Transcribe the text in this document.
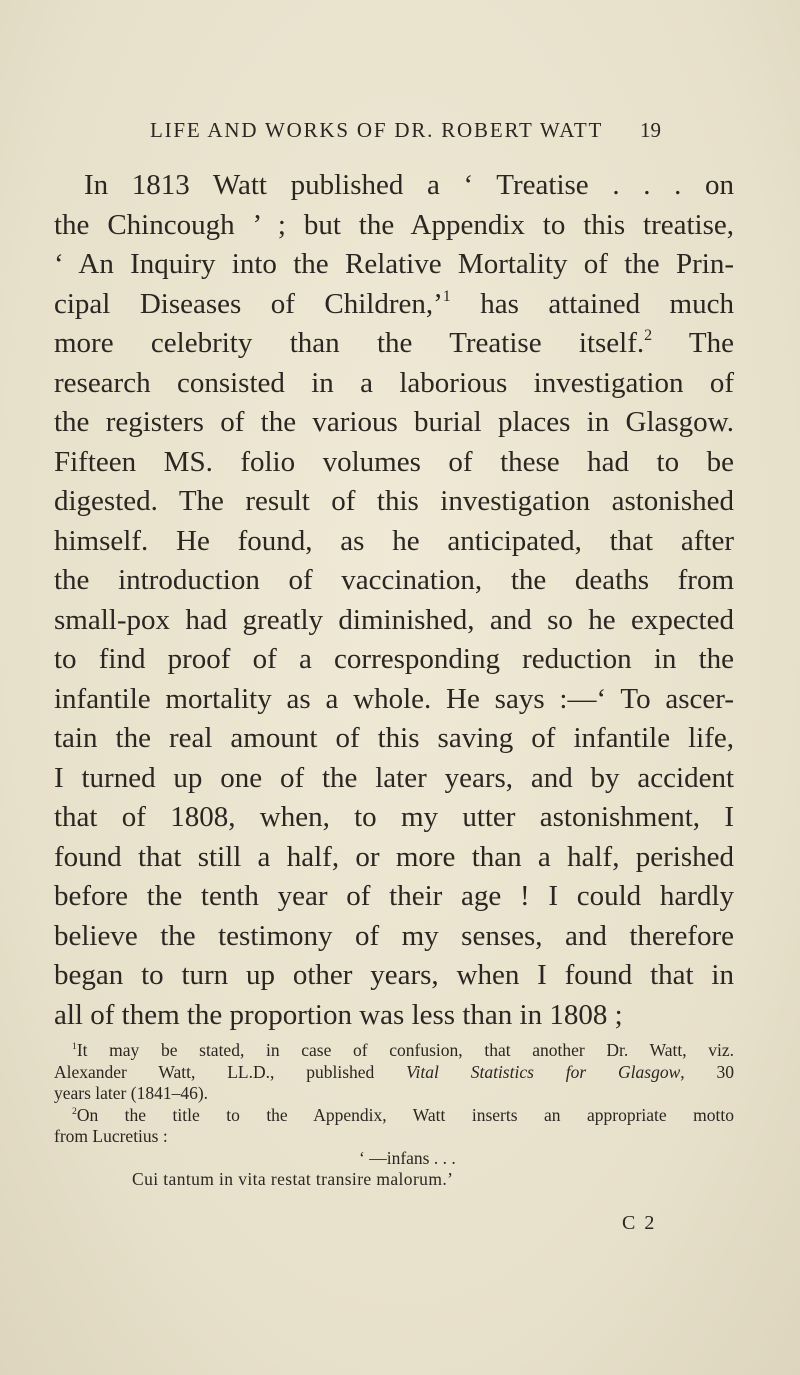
LIFE AND WORKS OF DR. ROBERT WATT 19
In 1813 Watt published a ‘ Treatise . . . on
the Chincough ’ ; but the Appendix to this treatise,
‘ An Inquiry into the Relative Mortality of the Prin-
cipal Diseases of Children,’$^1$ has attained much
more celebrity than the Treatise itself.$^2$ The
research consisted in a laborious investigation of
the registers of the various burial places in Glasgow.
Fifteen MS. folio volumes of these had to be
digested. The result of this investigation astonished
himself. He found, as he anticipated, that after
the introduction of vaccination, the deaths from
small-pox had greatly diminished, and so he expected
to find proof of a corresponding reduction in the
infantile mortality as a whole. He says :—‘ To ascer-
tain the real amount of this saving of infantile life,
I turned up one of the later years, and by accident
that of 1808, when, to my utter astonishment, I
found that still a half, or more than a half, perished
before the tenth year of their age ! I could hardly
believe the testimony of my senses, and therefore
began to turn up other years, when I found that in
all of them the proportion was less than in 1808 ;
$^1$It may be stated, in case of confusion, that another Dr. Watt, viz.
Alexander Watt, LL.D., published Vital Statistics for Glasgow, 30
years later (1841–46).
$^2$On the title to the Appendix, Watt inserts an appropriate motto
from Lucretius :
‘ —infans . . .
Cui tantum in vita restat transire malorum.’
C 2
